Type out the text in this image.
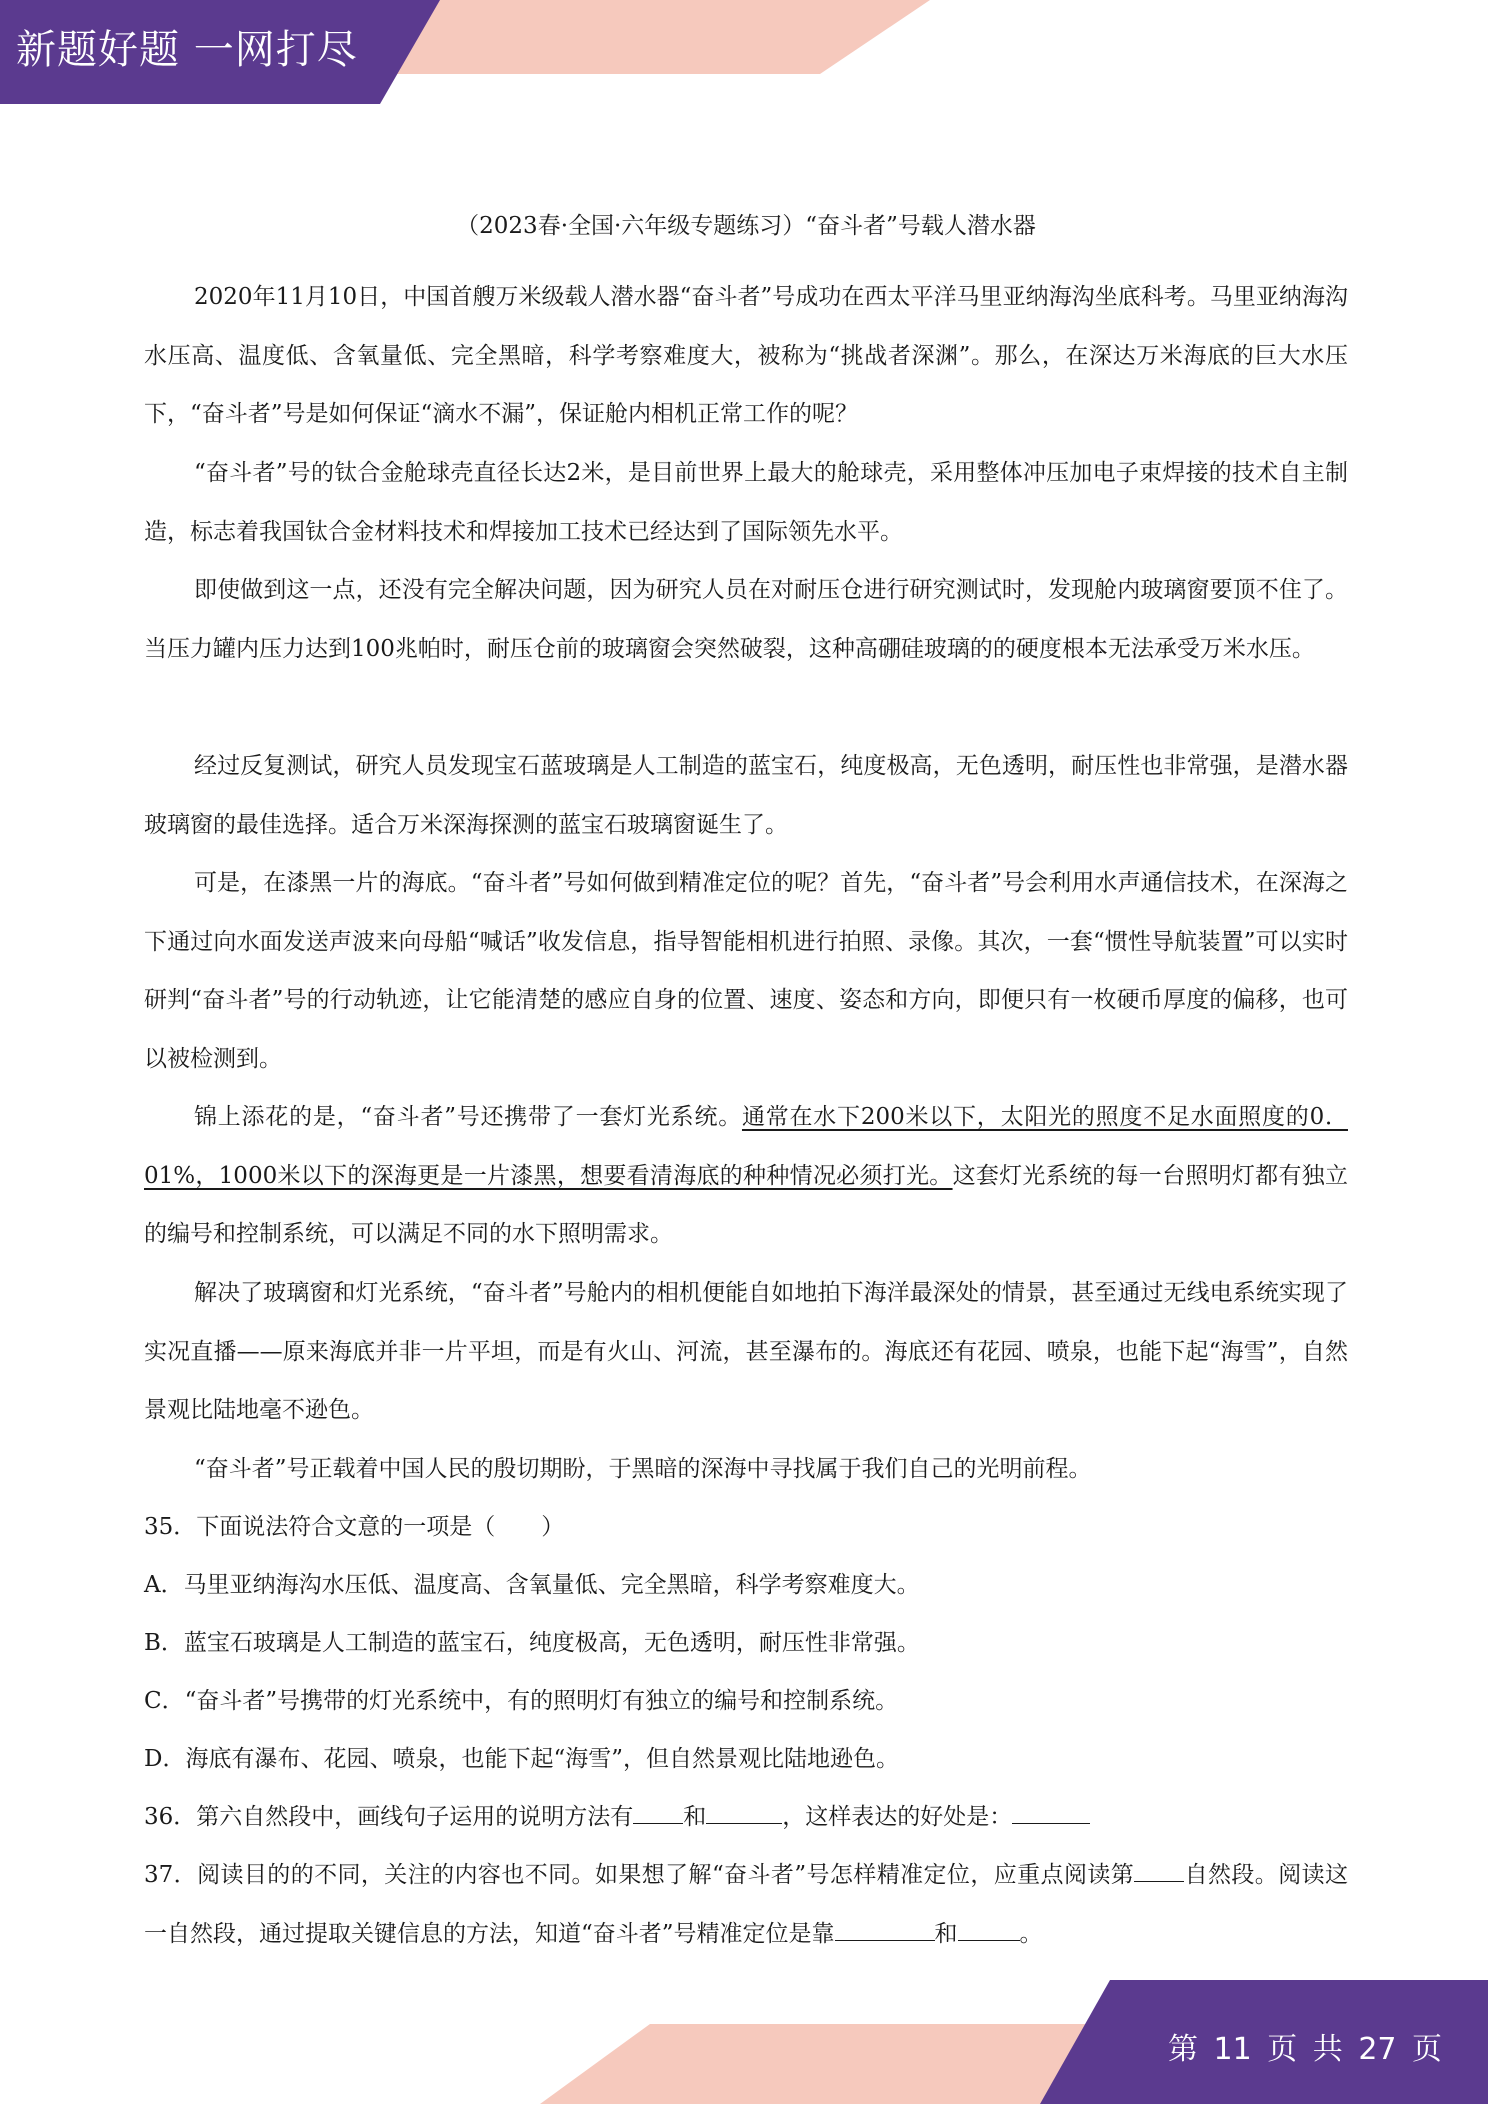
新题好题 一网打尽
第 11 页 共 27 页
（2023春·全国·六年级专题练习）“奋斗者”号载人潜水器

2020年11月10日，中国首艘万米级载人潜水器“奋斗者”号成功在西太平洋马里亚纳海沟坐底科考。马里亚纳海沟水压高、温度低、含氧量低、完全黑暗，科学考察难度大，被称为“挑战者深渊”。那么，在深达万米海底的巨大水压下，“奋斗者”号是如何保证“滴水不漏”，保证舱内相机正常工作的呢？

“奋斗者”号的钛合金舱球壳直径长达2米，是目前世界上最大的舱球壳，采用整体冲压加电子束焊接的技术自主制造，标志着我国钛合金材料技术和焊接加工技术已经达到了国际领先水平。

即使做到这一点，还没有完全解决问题，因为研究人员在对耐压仓进行研究测试时，发现舱内玻璃窗要顶不住了。当压力罐内压力达到100兆帕时，耐压仓前的玻璃窗会突然破裂，这种高硼硅玻璃的的硬度根本无法承受万米水压。

经过反复测试，研究人员发现宝石蓝玻璃是人工制造的蓝宝石，纯度极高，无色透明，耐压性也非常强，是潜水器玻璃窗的最佳选择。适合万米深海探测的蓝宝石玻璃窗诞生了。

可是，在漆黑一片的海底。“奋斗者”号如何做到精准定位的呢？首先，“奋斗者”号会利用水声通信技术，在深海之下通过向水面发送声波来向母船“喊话”收发信息，指导智能相机进行拍照、录像。其次，一套“惯性导航装置”可以实时研判“奋斗者”号的行动轨迹，让它能清楚的感应自身的位置、速度、姿态和方向，即便只有一枚硬币厚度的偏移，也可以被检测到。

锦上添花的是，“奋斗者”号还携带了一套灯光系统。通常在水下200米以下，太阳光的照度不足水面照度的0．01%，1000米以下的深海更是一片漆黑，想要看清海底的种种情况必须打光。这套灯光系统的每一台照明灯都有独立的编号和控制系统，可以满足不同的水下照明需求。

解决了玻璃窗和灯光系统，“奋斗者”号舱内的相机便能自如地拍下海洋最深处的情景，甚至通过无线电系统实现了实况直播——原来海底并非一片平坦，而是有火山、河流，甚至瀑布的。海底还有花园、喷泉，也能下起“海雪”，自然景观比陆地毫不逊色。

“奋斗者”号正载着中国人民的殷切期盼，于黑暗的深海中寻找属于我们自己的光明前程。

35．下面说法符合文意的一项是（　　）

A．马里亚纳海沟水压低、温度高、含氧量低、完全黑暗，科学考察难度大。

B．蓝宝石玻璃是人工制造的蓝宝石，纯度极高，无色透明，耐压性非常强。

C．“奋斗者”号携带的灯光系统中，有的照明灯有独立的编号和控制系统。

D．海底有瀑布、花园、喷泉，也能下起“海雪”，但自然景观比陆地逊色。

36．第六自然段中，画线句子运用的说明方法有 和	，这样表达的好处是：

37．阅读目的的不同，关注的内容也不同。如果想了解“奋斗者”号怎样精准定位，应重点阅读第 自然段。阅读这一自然段，通过提取关键信息的方法，知道“奋斗者”号精准定位是靠	和	。
